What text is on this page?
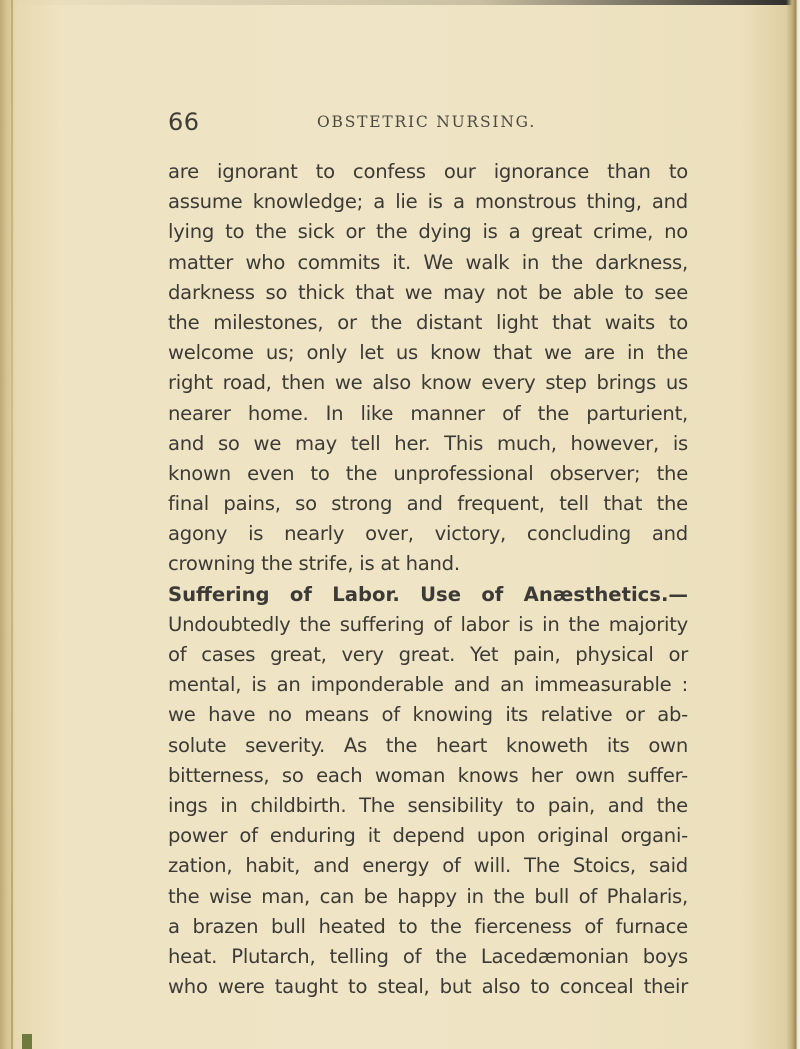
66	OBSTETRIC NURSING.
are ignorant to confess our ignorance than to
assume knowledge; a lie is a monstrous thing, and
lying to the sick or the dying is a great crime, no
matter who commits it. We walk in the darkness,
darkness so thick that we may not be able to see
the milestones, or the distant light that waits to
welcome us; only let us know that we are in the
right road, then we also know every step brings us
nearer home. In like manner of the parturient,
and so we may tell her. This much, however, is
known even to the unprofessional observer; the
final pains, so strong and frequent, tell that the
agony is nearly over, victory, concluding and
crowning the strife, is at hand.
Suffering of Labor. Use of Anæsthetics.—
Undoubtedly the suffering of labor is in the majority
of cases great, very great. Yet pain, physical or
mental, is an imponderable and an immeasurable :
we have no means of knowing its relative or ab-
solute severity. As the heart knoweth its own
bitterness, so each woman knows her own suffer-
ings in childbirth. The sensibility to pain, and the
power of enduring it depend upon original organi-
zation, habit, and energy of will. The Stoics, said
the wise man, can be happy in the bull of Phalaris,
a brazen bull heated to the fierceness of furnace
heat. Plutarch, telling of the Lacedæmonian boys
who were taught to steal, but also to conceal their
